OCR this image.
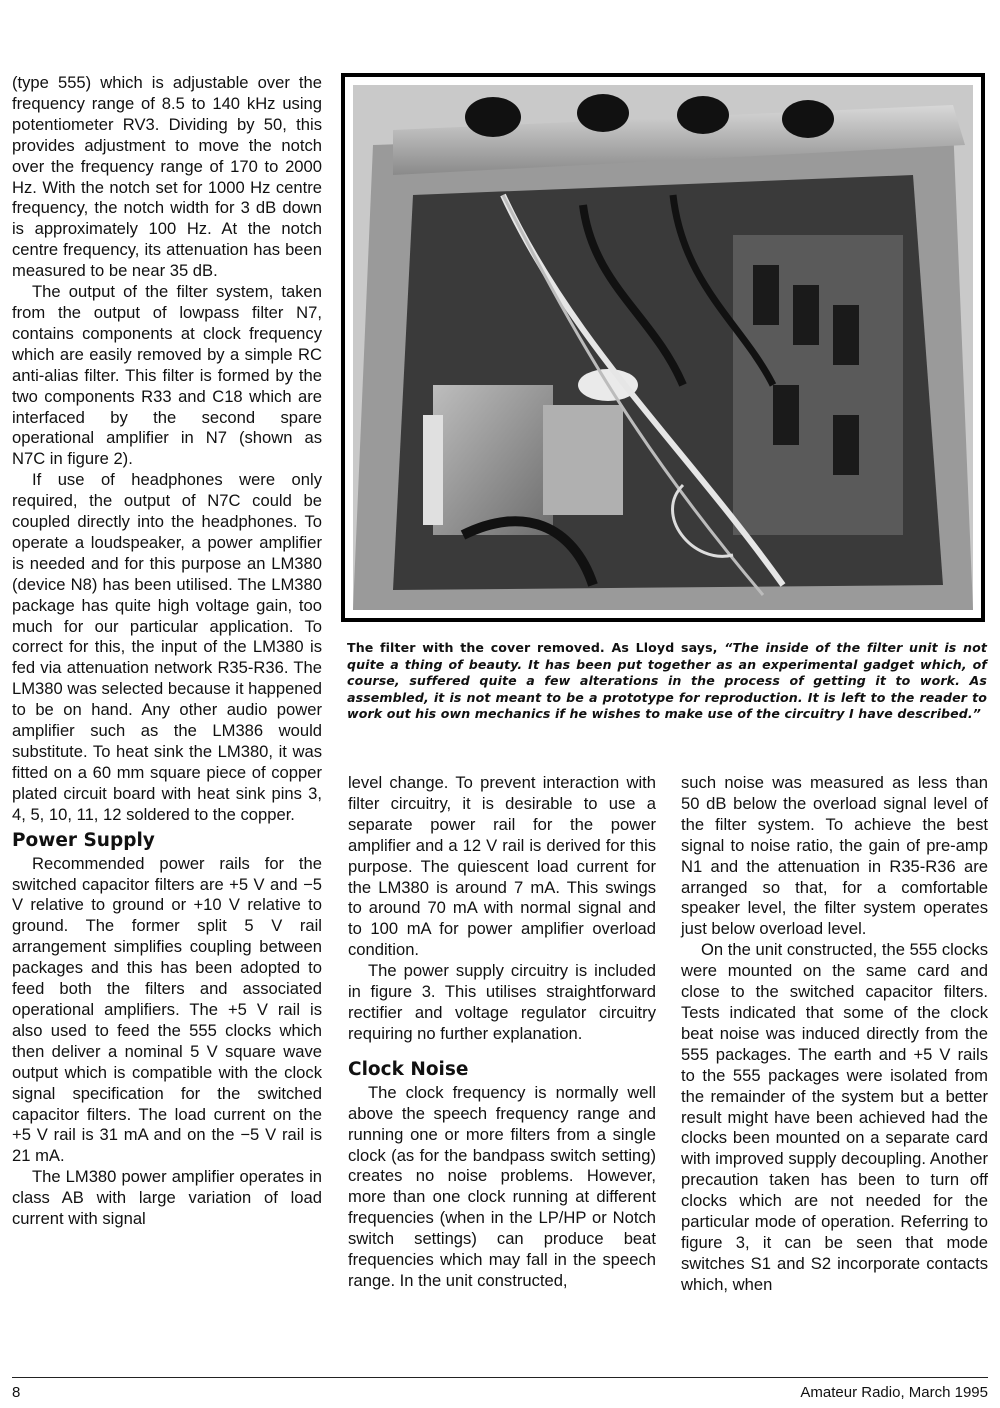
(type 555) which is adjustable over the frequency range of 8.5 to 140 kHz using potentiometer RV3. Dividing by 50, this provides adjustment to move the notch over the frequency range of 170 to 2000 Hz. With the notch set for 1000 Hz centre frequency, the notch width for 3 dB down is approximately 100 Hz. At the notch centre frequency, its attenuation has been measured to be near 35 dB.

The output of the filter system, taken from the output of lowpass filter N7, contains components at clock frequency which are easily removed by a simple RC anti-alias filter. This filter is formed by the two components R33 and C18 which are interfaced by the second spare operational amplifier in N7 (shown as N7C in figure 2).

If use of headphones were only required, the output of N7C could be coupled directly into the headphones. To operate a loudspeaker, a power amplifier is needed and for this purpose an LM380 (device N8) has been utilised. The LM380 package has quite high voltage gain, too much for our particular application. To correct for this, the input of the LM380 is fed via attenuation network R35-R36. The LM380 was selected because it happened to be on hand. Any other audio power amplifier such as the LM386 would substitute. To heat sink the LM380, it was fitted on a 60 mm square piece of copper plated circuit board with heat sink pins 3, 4, 5, 10, 11, 12 soldered to the copper.

Power Supply

Recommended power rails for the switched capacitor filters are +5 V and −5 V relative to ground or +10 V relative to ground. The former split 5 V rail arrangement simplifies coupling between packages and this has been adopted to feed both the filters and associated operational amplifiers. The +5 V rail is also used to feed the 555 clocks which then deliver a nominal 5 V square wave output which is compatible with the clock signal specification for the switched capacitor filters. The load current on the +5 V rail is 31 mA and on the −5 V rail is 21 mA.

The LM380 power amplifier operates in class AB with large variation of load current with signal

The filter with the cover removed. As Lloyd says, “The inside of the filter unit is not quite a thing of beauty. It has been put together as an experimental gadget which, of course, suffered quite a few alterations in the process of getting it to work. As assembled, it is not meant to be a prototype for reproduction. It is left to the reader to work out his own mechanics if he wishes to make use of the circuitry I have described.”

level change. To prevent interaction with filter circuitry, it is desirable to use a separate power rail for the power amplifier and a 12 V rail is derived for this purpose. The quiescent load current for the LM380 is around 7 mA. This swings to around 70 mA with normal signal and to 100 mA for power amplifier overload condition.

The power supply circuitry is included in figure 3. This utilises straightforward rectifier and voltage regulator circuitry requiring no further explanation.

Clock Noise

The clock frequency is normally well above the speech frequency range and running one or more filters from a single clock (as for the bandpass switch setting) creates no noise problems. However, more than one clock running at different frequencies (when in the LP/HP or Notch switch settings) can produce beat frequencies which may fall in the speech range. In the unit constructed,

such noise was measured as less than 50 dB below the overload signal level of the filter system. To achieve the best signal to noise ratio, the gain of pre-amp N1 and the attenuation in R35-R36 are arranged so that, for a comfortable speaker level, the filter system operates just below overload level.

On the unit constructed, the 555 clocks were mounted on the same card and close to the switched capacitor filters. Tests indicated that some of the clock beat noise was induced directly from the 555 packages. The earth and +5 V rails to the 555 packages were isolated from the remainder of the system but a better result might have been achieved had the clocks been mounted on a separate card with improved supply decoupling. Another precaution taken has been to turn off clocks which are not needed for the particular mode of operation. Referring to figure 3, it can be seen that mode switches S1 and S2 incorporate contacts which, when

8	Amateur Radio, March 1995
